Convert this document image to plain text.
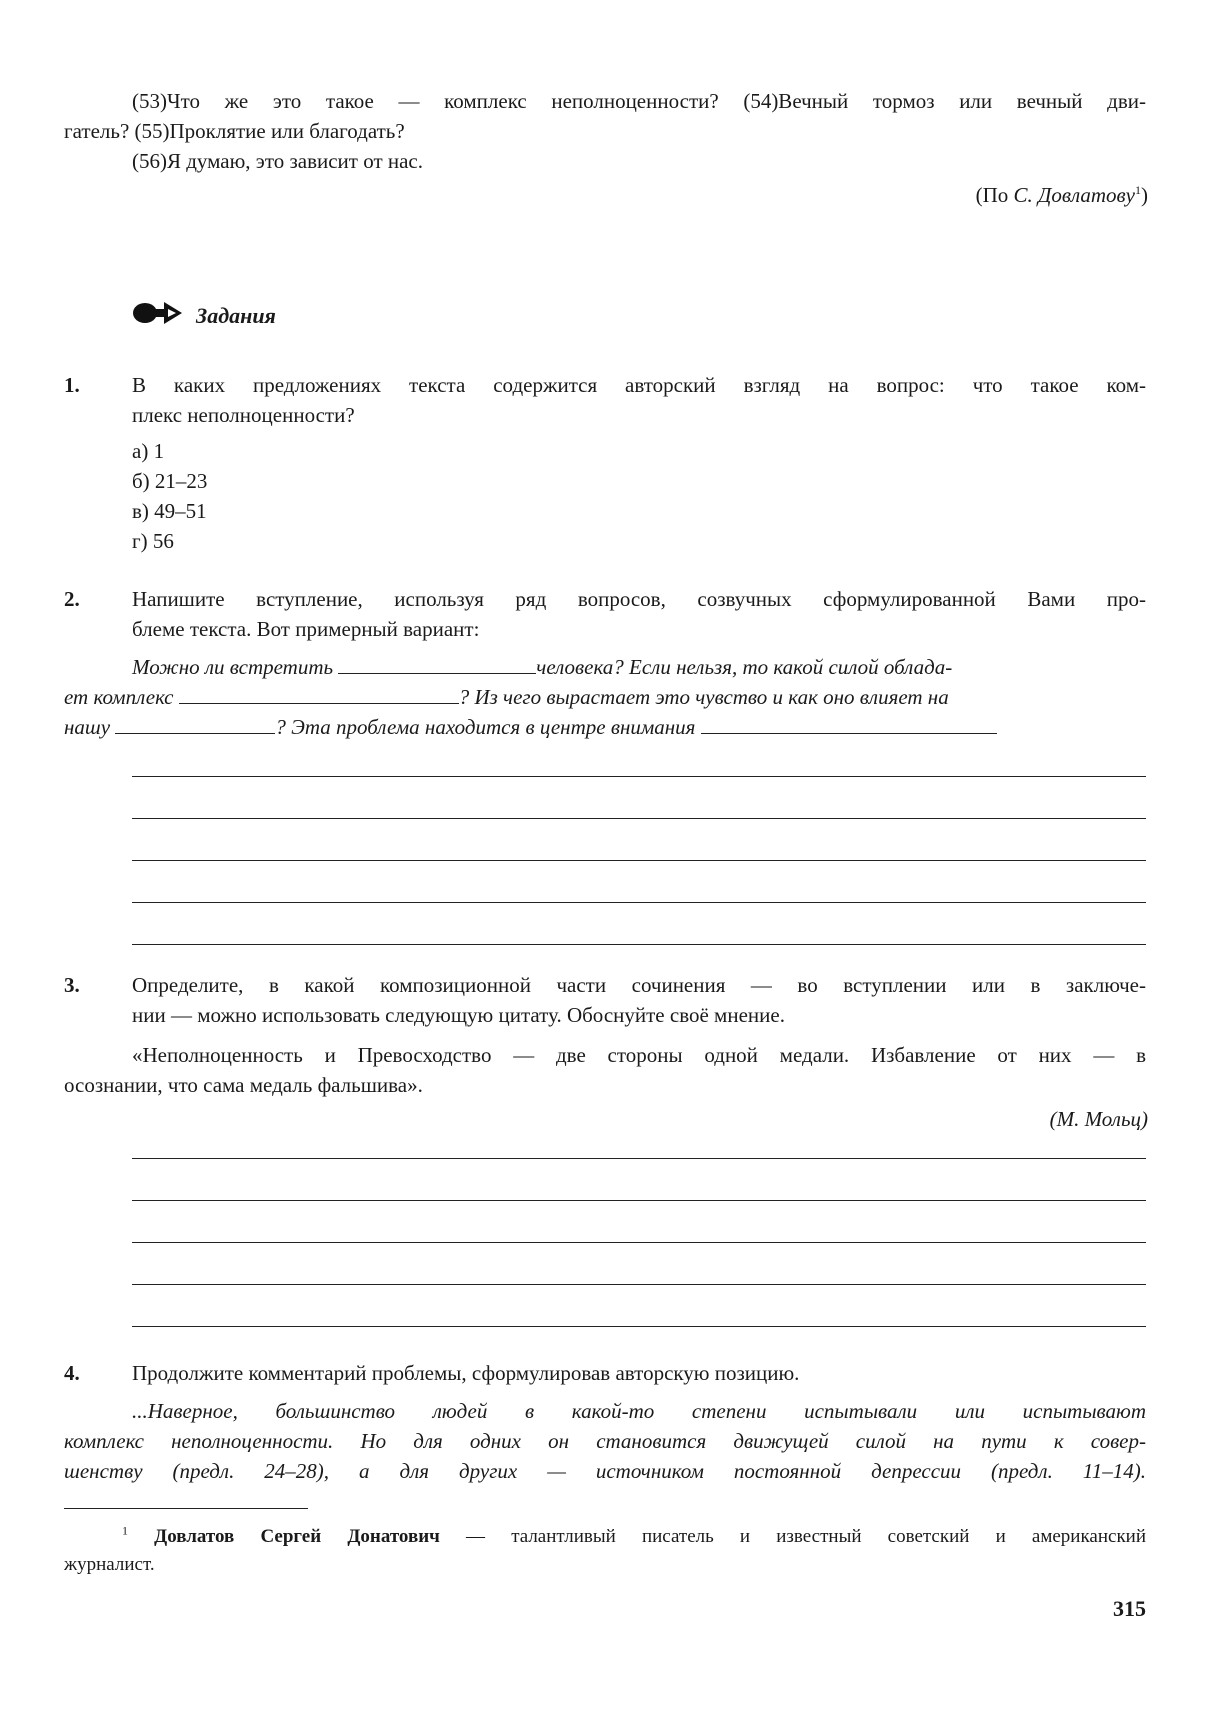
(53)Что же это такое — комплекс неполноценности? (54)Вечный тормоз или вечный дви-

гатель? (55)Проклятие или благодать?

(56)Я думаю, это зависит от нас.

(По С. Довлатову$^1$)

Задания
1. В каких предложениях текста содержится авторский взгляд на вопрос: что такое ком-

плекс неполноценности?

а) 1

б) 21–23

в) 49–51

г) 56

2. Напишите вступление, используя ряд вопросов, созвучных сформулированной Вами про-

блеме текста. Вот примерный вариант:

Можно ли встретить	человека? Если нельзя, то какой силой облада-

ет комплекс	? Из чего вырастает это чувство и как оно влияет на

нашу	? Эта проблема находится в центре внимания

3. Определите, в какой композиционной части сочинения — во вступлении или в заключе-

нии — можно использовать следующую цитату. Обоснуйте своё мнение.

«Неполноценность и Превосходство — две стороны одной медали. Избавление от них — в

осознании, что сама медаль фальшива».

(М. Мольц)

4. Продолжите комментарий проблемы, сформулировав авторскую позицию.

...Наверное, большинство людей в какой-то степени испытывали или испытывают

комплекс неполноценности. Но для одних он становится движущей силой на пути к совер-

шенству (предл. 24–28), а для других — источником постоянной депрессии (предл. 11–14).

$^1$ Довлатов Сергей Донатович — талантливый писатель и известный советский и американский

журналист.

315
